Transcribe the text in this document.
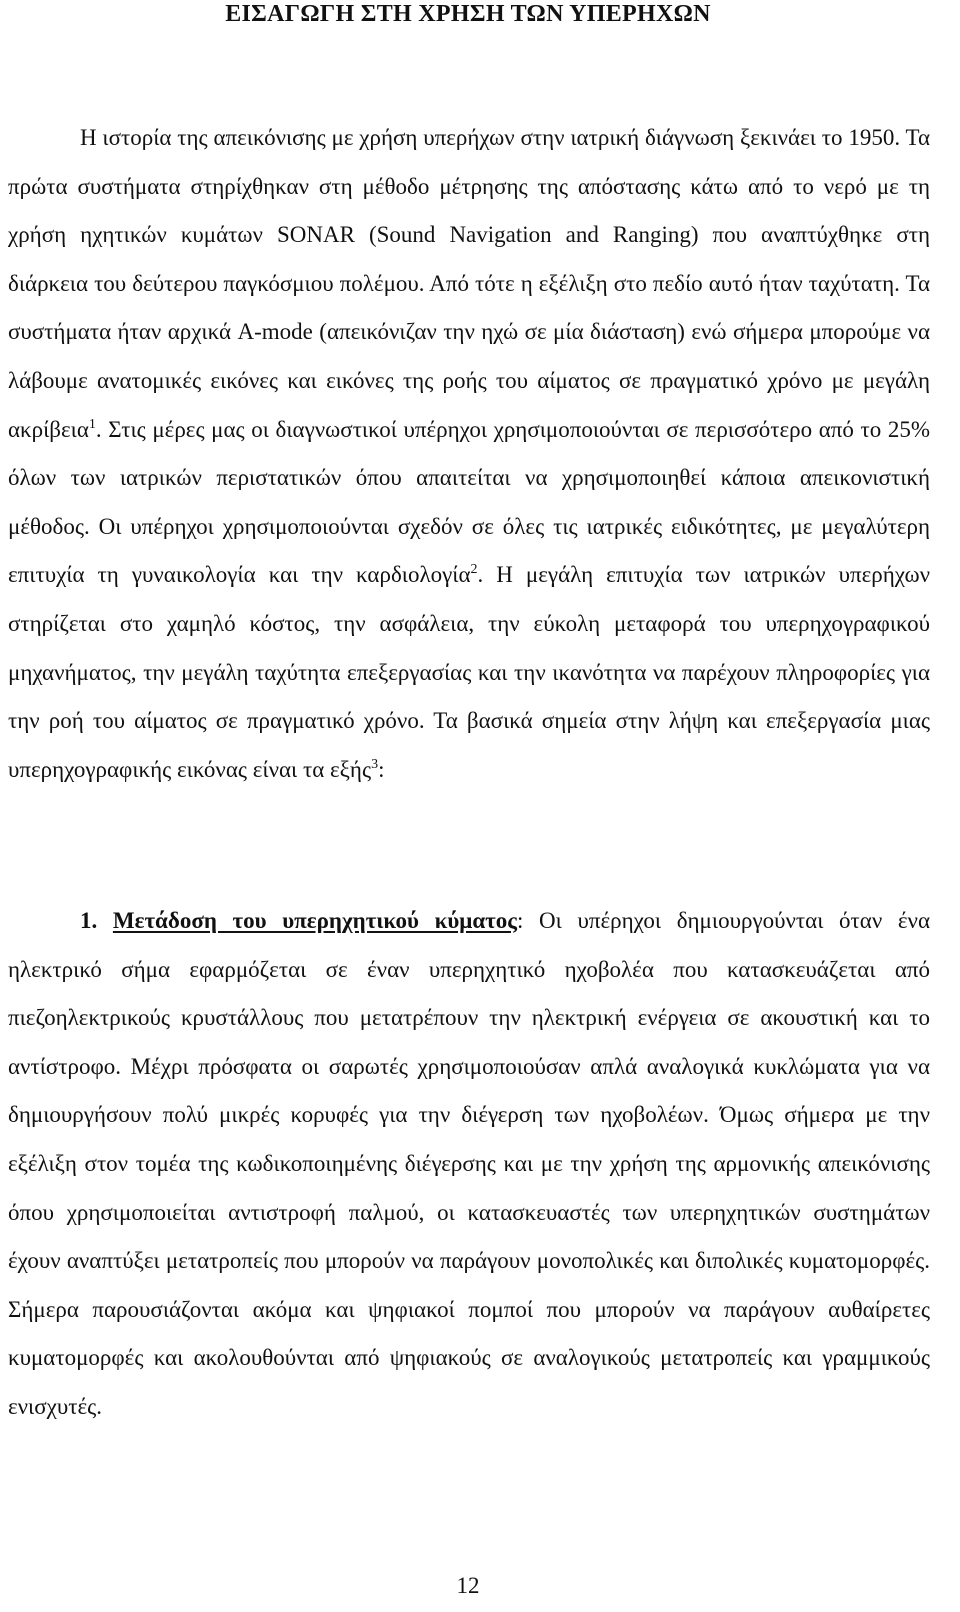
ΕΙΣΑΓΩΓΗ ΣΤΗ ΧΡΗΣΗ ΤΩΝ ΥΠΕΡΗΧΩΝ

Η ιστορία της απεικόνισης με χρήση υπερήχων στην ιατρική διάγνωση ξεκινάει το 1950. Τα πρώτα συστήματα στηρίχθηκαν στη μέθοδο μέτρησης της απόστασης κάτω από το νερό με τη χρήση ηχητικών κυμάτων SONAR (Sound Navigation and Ranging) που αναπτύχθηκε στη διάρκεια του δεύτερου παγκόσμιου πολέμου. Από τότε η εξέλιξη στο πεδίο αυτό ήταν ταχύτατη. Τα συστήματα ήταν αρχικά A-mode (απεικόνιζαν την ηχώ σε μία διάσταση) ενώ σήμερα μπορούμε να λάβουμε ανατομικές εικόνες και εικόνες της ροής του αίματος σε πραγματικό χρόνο με μεγάλη ακρίβεια$^1$. Στις μέρες μας οι διαγνωστικοί υπέρηχοι χρησιμοποιούνται σε περισσότερο από το 25% όλων των ιατρικών περιστατικών όπου απαιτείται να χρησιμοποιηθεί κάποια απεικονιστική μέθοδος. Οι υπέρηχοι χρησιμοποιούνται σχεδόν σε όλες τις ιατρικές ειδικότητες, με μεγαλύτερη επιτυχία τη γυναικολογία και την καρδιολογία$^2$. Η μεγάλη επιτυχία των ιατρικών υπερήχων στηρίζεται στο χαμηλό κόστος, την ασφάλεια, την εύκολη μεταφορά του υπερηχογραφικού μηχανήματος, την μεγάλη ταχύτητα επεξεργασίας και την ικανότητα να παρέχουν πληροφορίες για την ροή του αίματος σε πραγματικό χρόνο. Τα βασικά σημεία στην λήψη και επεξεργασία μιας υπερηχογραφικής εικόνας είναι τα εξής$^3$:

1. Μετάδοση του υπερηχητικού κύματος: Οι υπέρηχοι δημιουργούνται όταν ένα ηλεκτρικό σήμα εφαρμόζεται σε έναν υπερηχητικό ηχοβολέα που κατασκευάζεται από πιεζοηλεκτρικούς κρυστάλλους που μετατρέπουν την ηλεκτρική ενέργεια σε ακουστική και το αντίστροφο. Μέχρι πρόσφατα οι σαρωτές χρησιμοποιούσαν απλά αναλογικά κυκλώματα για να δημιουργήσουν πολύ μικρές κορυφές για την διέγερση των ηχοβολέων. Όμως σήμερα με την εξέλιξη στον τομέα της κωδικοποιημένης διέγερσης και με την χρήση της αρμονικής απεικόνισης όπου χρησιμοποιείται αντιστροφή παλμού, οι κατασκευαστές των υπερηχητικών συστημάτων έχουν αναπτύξει μετατροπείς που μπορούν να παράγουν μονοπολικές και διπολικές κυματομορφές. Σήμερα παρουσιάζονται ακόμα και ψηφιακοί πομποί που μπορούν να παράγουν αυθαίρετες κυματομορφές και ακολουθούνται από ψηφιακούς σε αναλογικούς μετατροπείς και γραμμικούς ενισχυτές.

12
